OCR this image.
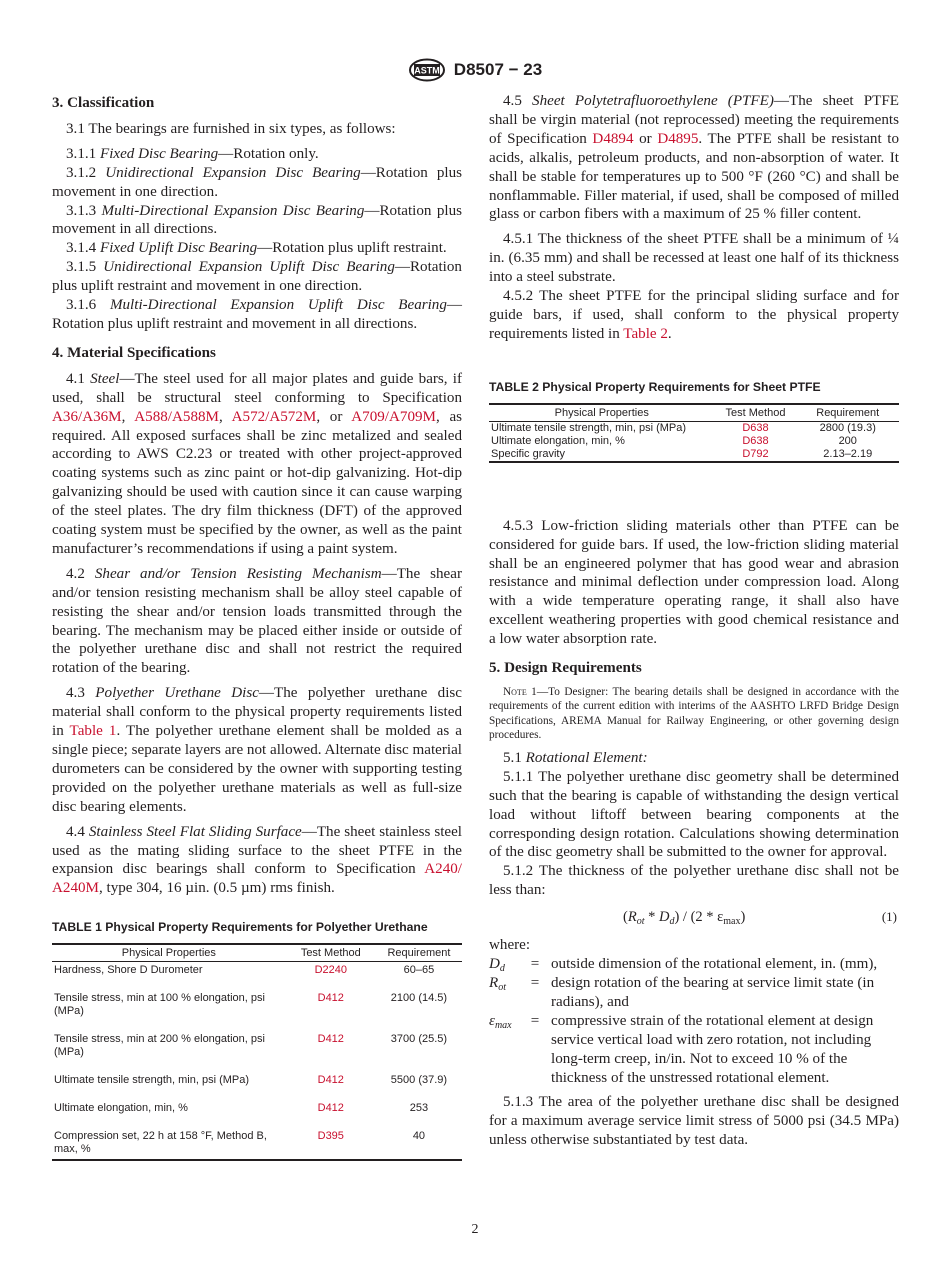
ASTM D8507 − 23
3. Classification

3.1 The bearings are furnished in six types, as follows:

3.1.1 Fixed Disc Bearing—Rotation only.

3.1.2 Unidirectional Expansion Disc Bearing—Rotation plus movement in one direction.

3.1.3 Multi-Directional Expansion Disc Bearing—Rotation plus movement in all directions.

3.1.4 Fixed Uplift Disc Bearing—Rotation plus uplift restraint.

3.1.5 Unidirectional Expansion Uplift Disc Bearing—Rotation plus uplift restraint and movement in one direction.

3.1.6 Multi-Directional Expansion Uplift Disc Bearing—Rotation plus uplift restraint and movement in all directions.

4. Material Specifications

4.1 Steel—The steel used for all major plates and guide bars, if used, shall be structural steel conforming to Specification A36/A36M, A588/A588M, A572/A572M, or A709/A709M, as required. All exposed surfaces shall be zinc metalized and sealed according to AWS C2.23 or treated with other project-approved coating systems such as zinc paint or hot-dip galvanizing. Hot-dip galvanizing should be used with caution since it can cause warping of the steel plates. The dry film thickness (DFT) of the approved coating system must be specified by the owner, as well as the paint manufacturer’s recommendations if using a paint system.

4.2 Shear and/or Tension Resisting Mechanism—The shear and/or tension resisting mechanism shall be alloy steel capable of resisting the shear and/or tension loads transmitted through the bearing. The mechanism may be placed either inside or outside of the polyether urethane disc and shall not restrict the required rotation of the bearing.

4.3 Polyether Urethane Disc—The polyether urethane disc material shall conform to the physical property requirements listed in Table 1. The polyether urethane element shall be molded as a single piece; separate layers are not allowed. Alternate disc material durometers can be considered by the owner with supporting testing provided on the polyether urethane materials as well as full-size disc bearing elements.

4.4 Stainless Steel Flat Sliding Surface—The sheet stainless steel used as the mating sliding surface to the sheet PTFE in the expansion disc bearings shall conform to Specification A240/ A240M, type 304, 16 µin. (0.5 µm) rms finish.

TABLE 1 Physical Property Requirements for Polyether Urethane

Physical Properties	Test Method	Requirement
Hardness, Shore D Durometer	D2240	60–65
Tensile stress, min at 100 % elongation, psi (MPa)	D412	2100 (14.5)
Tensile stress, min at 200 % elongation, psi (MPa)	D412	3700 (25.5)
Ultimate tensile strength, min, psi (MPa)	D412	5500 (37.9)
Ultimate elongation, min, %	D412	253
Compression set, 22 h at 158 °F, Method B, max, %	D395	40

4.5 Sheet Polytetrafluoroethylene (PTFE)—The sheet PTFE shall be virgin material (not reprocessed) meeting the requirements of Specification D4894 or D4895. The PTFE shall be resistant to acids, alkalis, petroleum products, and non-absorption of water. It shall be stable for temperatures up to 500 °F (260 °C) and shall be nonflammable. Filler material, if used, shall be composed of milled glass or carbon fibers with a maximum of 25 % filler content.

4.5.1 The thickness of the sheet PTFE shall be a minimum of ¼ in. (6.35 mm) and shall be recessed at least one half of its thickness into a steel substrate.

4.5.2 The sheet PTFE for the principal sliding surface and for guide bars, if used, shall conform to the physical property requirements listed in Table 2.

TABLE 2 Physical Property Requirements for Sheet PTFE

Physical Properties	Test Method	Requirement
Ultimate tensile strength, min, psi (MPa)	D638	2800 (19.3)
Ultimate elongation, min, %	D638	200
Specific gravity	D792	2.13–2.19

4.5.3 Low-friction sliding materials other than PTFE can be considered for guide bars. If used, the low-friction sliding material shall be an engineered polymer that has good wear and abrasion resistance and minimal deflection under compression load. Along with a wide temperature operating range, it shall also have excellent weathering properties with good chemical resistance and a low water absorption rate.

5. Design Requirements

Note 1—To Designer: The bearing details shall be designed in accordance with the requirements of the current edition with interims of the AASHTO LRFD Bridge Design Specifications, AREMA Manual for Railway Engineering, or other governing design procedures.

5.1 Rotational Element:

5.1.1 The polyether urethane disc geometry shall be determined such that the bearing is capable of withstanding the design vertical load without liftoff between bearing components at the corresponding design rotation. Calculations showing determination of the disc geometry shall be submitted to the owner for approval.

5.1.2 The thickness of the polyether urethane disc shall not be less than:

$(R_{ot} * D_d) / (2 * \varepsilon_{max})$	(1)

where:

$D_d$	=	outside dimension of the rotational element, in. (mm),
$R_{ot}$	=	design rotation of the bearing at service limit state (in radians), and
$\varepsilon_{max}$	=	compressive strain of the rotational element at design service vertical load with zero rotation, not including long-term creep, in/in. Not to exceed 10 % of the thickness of the unstressed rotational element.

5.1.3 The area of the polyether urethane disc shall be designed for a maximum average service limit stress of 5000 psi (34.5 MPa) unless otherwise substantiated by test data.

2
